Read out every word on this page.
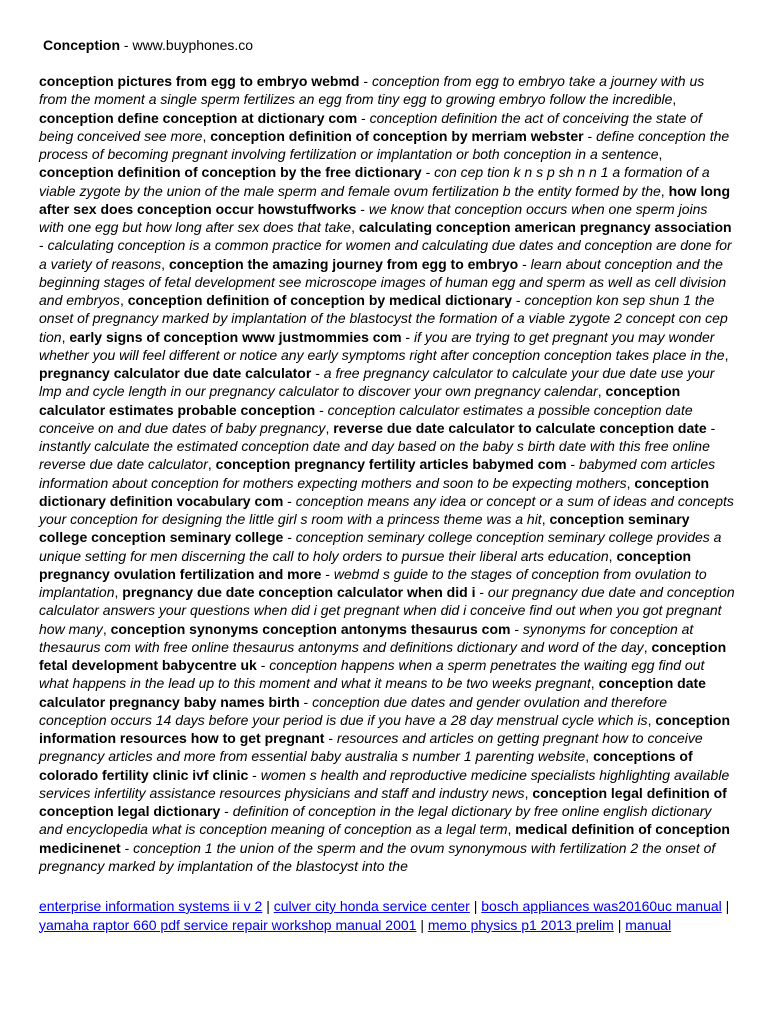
Conception - www.buyphones.co
conception pictures from egg to embryo webmd - conception from egg to embryo take a journey with us from the moment a single sperm fertilizes an egg from tiny egg to growing embryo follow the incredible, conception define conception at dictionary com - conception definition the act of conceiving the state of being conceived see more, conception definition of conception by merriam webster - define conception the process of becoming pregnant involving fertilization or implantation or both conception in a sentence, conception definition of conception by the free dictionary - con cep tion k n s p sh n n 1 a formation of a viable zygote by the union of the male sperm and female ovum fertilization b the entity formed by the, how long after sex does conception occur howstuffworks - we know that conception occurs when one sperm joins with one egg but how long after sex does that take, calculating conception american pregnancy association - calculating conception is a common practice for women and calculating due dates and conception are done for a variety of reasons, conception the amazing journey from egg to embryo - learn about conception and the beginning stages of fetal development see microscope images of human egg and sperm as well as cell division and embryos, conception definition of conception by medical dictionary - conception kon sep shun 1 the onset of pregnancy marked by implantation of the blastocyst the formation of a viable zygote 2 concept con cep tion, early signs of conception www justmommies com - if you are trying to get pregnant you may wonder whether you will feel different or notice any early symptoms right after conception conception takes place in the, pregnancy calculator due date calculator - a free pregnancy calculator to calculate your due date use your lmp and cycle length in our pregnancy calculator to discover your own pregnancy calendar, conception calculator estimates probable conception - conception calculator estimates a possible conception date conceive on and due dates of baby pregnancy, reverse due date calculator to calculate conception date - instantly calculate the estimated conception date and day based on the baby s birth date with this free online reverse due date calculator, conception pregnancy fertility articles babymed com - babymed com articles information about conception for mothers expecting mothers and soon to be expecting mothers, conception dictionary definition vocabulary com - conception means any idea or concept or a sum of ideas and concepts your conception for designing the little girl s room with a princess theme was a hit, conception seminary college conception seminary college - conception seminary college conception seminary college provides a unique setting for men discerning the call to holy orders to pursue their liberal arts education, conception pregnancy ovulation fertilization and more - webmd s guide to the stages of conception from ovulation to implantation, pregnancy due date conception calculator when did i - our pregnancy due date and conception calculator answers your questions when did i get pregnant when did i conceive find out when you got pregnant how many, conception synonyms conception antonyms thesaurus com - synonyms for conception at thesaurus com with free online thesaurus antonyms and definitions dictionary and word of the day, conception fetal development babycentre uk - conception happens when a sperm penetrates the waiting egg find out what happens in the lead up to this moment and what it means to be two weeks pregnant, conception date calculator pregnancy baby names birth - conception due dates and gender ovulation and therefore conception occurs 14 days before your period is due if you have a 28 day menstrual cycle which is, conception information resources how to get pregnant - resources and articles on getting pregnant how to conceive pregnancy articles and more from essential baby australia s number 1 parenting website, conceptions of colorado fertility clinic ivf clinic - women s health and reproductive medicine specialists highlighting available services infertility assistance resources physicians and staff and industry news, conception legal definition of conception legal dictionary - definition of conception in the legal dictionary by free online english dictionary and encyclopedia what is conception meaning of conception as a legal term, medical definition of conception medicinenet - conception 1 the union of the sperm and the ovum synonymous with fertilization 2 the onset of pregnancy marked by implantation of the blastocyst into the
enterprise information systems ii v 2 | culver city honda service center | bosch appliances was20160uc manual | yamaha raptor 660 pdf service repair workshop manual 2001 | memo physics p1 2013 prelim | manual
